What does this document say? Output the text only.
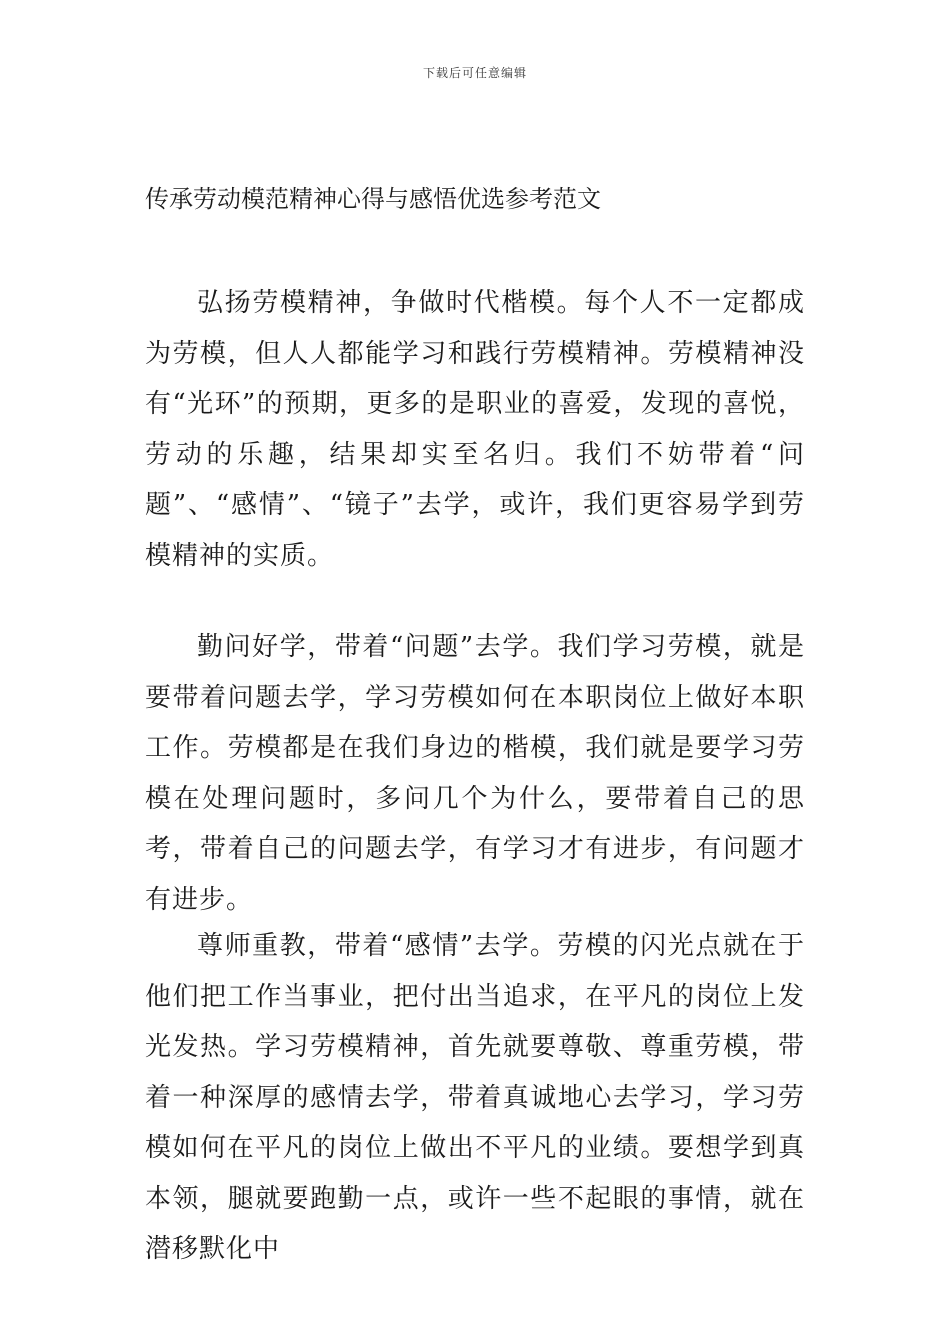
下载后可任意编辑
传承劳动模范精神心得与感悟优选参考范文

弘扬劳模精神，争做时代楷模。每个人不一定都成为劳模，但人人都能学习和践行劳模精神。劳模精神没有“光环”的预期，更多的是职业的喜爱，发现的喜悦，劳动的乐趣，结果却实至名归。我们不妨带着“问题”、“感情”、“镜子”去学，或许，我们更容易学到劳模精神的实质。

勤问好学，带着“问题”去学。我们学习劳模，就是要带着问题去学，学习劳模如何在本职岗位上做好本职工作。劳模都是在我们身边的楷模，我们就是要学习劳模在处理问题时，多问几个为什么，要带着自己的思考，带着自己的问题去学，有学习才有进步，有问题才有进步。

尊师重教，带着“感情”去学。劳模的闪光点就在于他们把工作当事业，把付出当追求，在平凡的岗位上发光发热。学习劳模精神，首先就要尊敬、尊重劳模，带着一种深厚的感情去学，带着真诚地心去学习，学习劳模如何在平凡的岗位上做出不平凡的业绩。要想学到真本领，腿就要跑勤一点，或许一些不起眼的事情，就在潜移默化中
